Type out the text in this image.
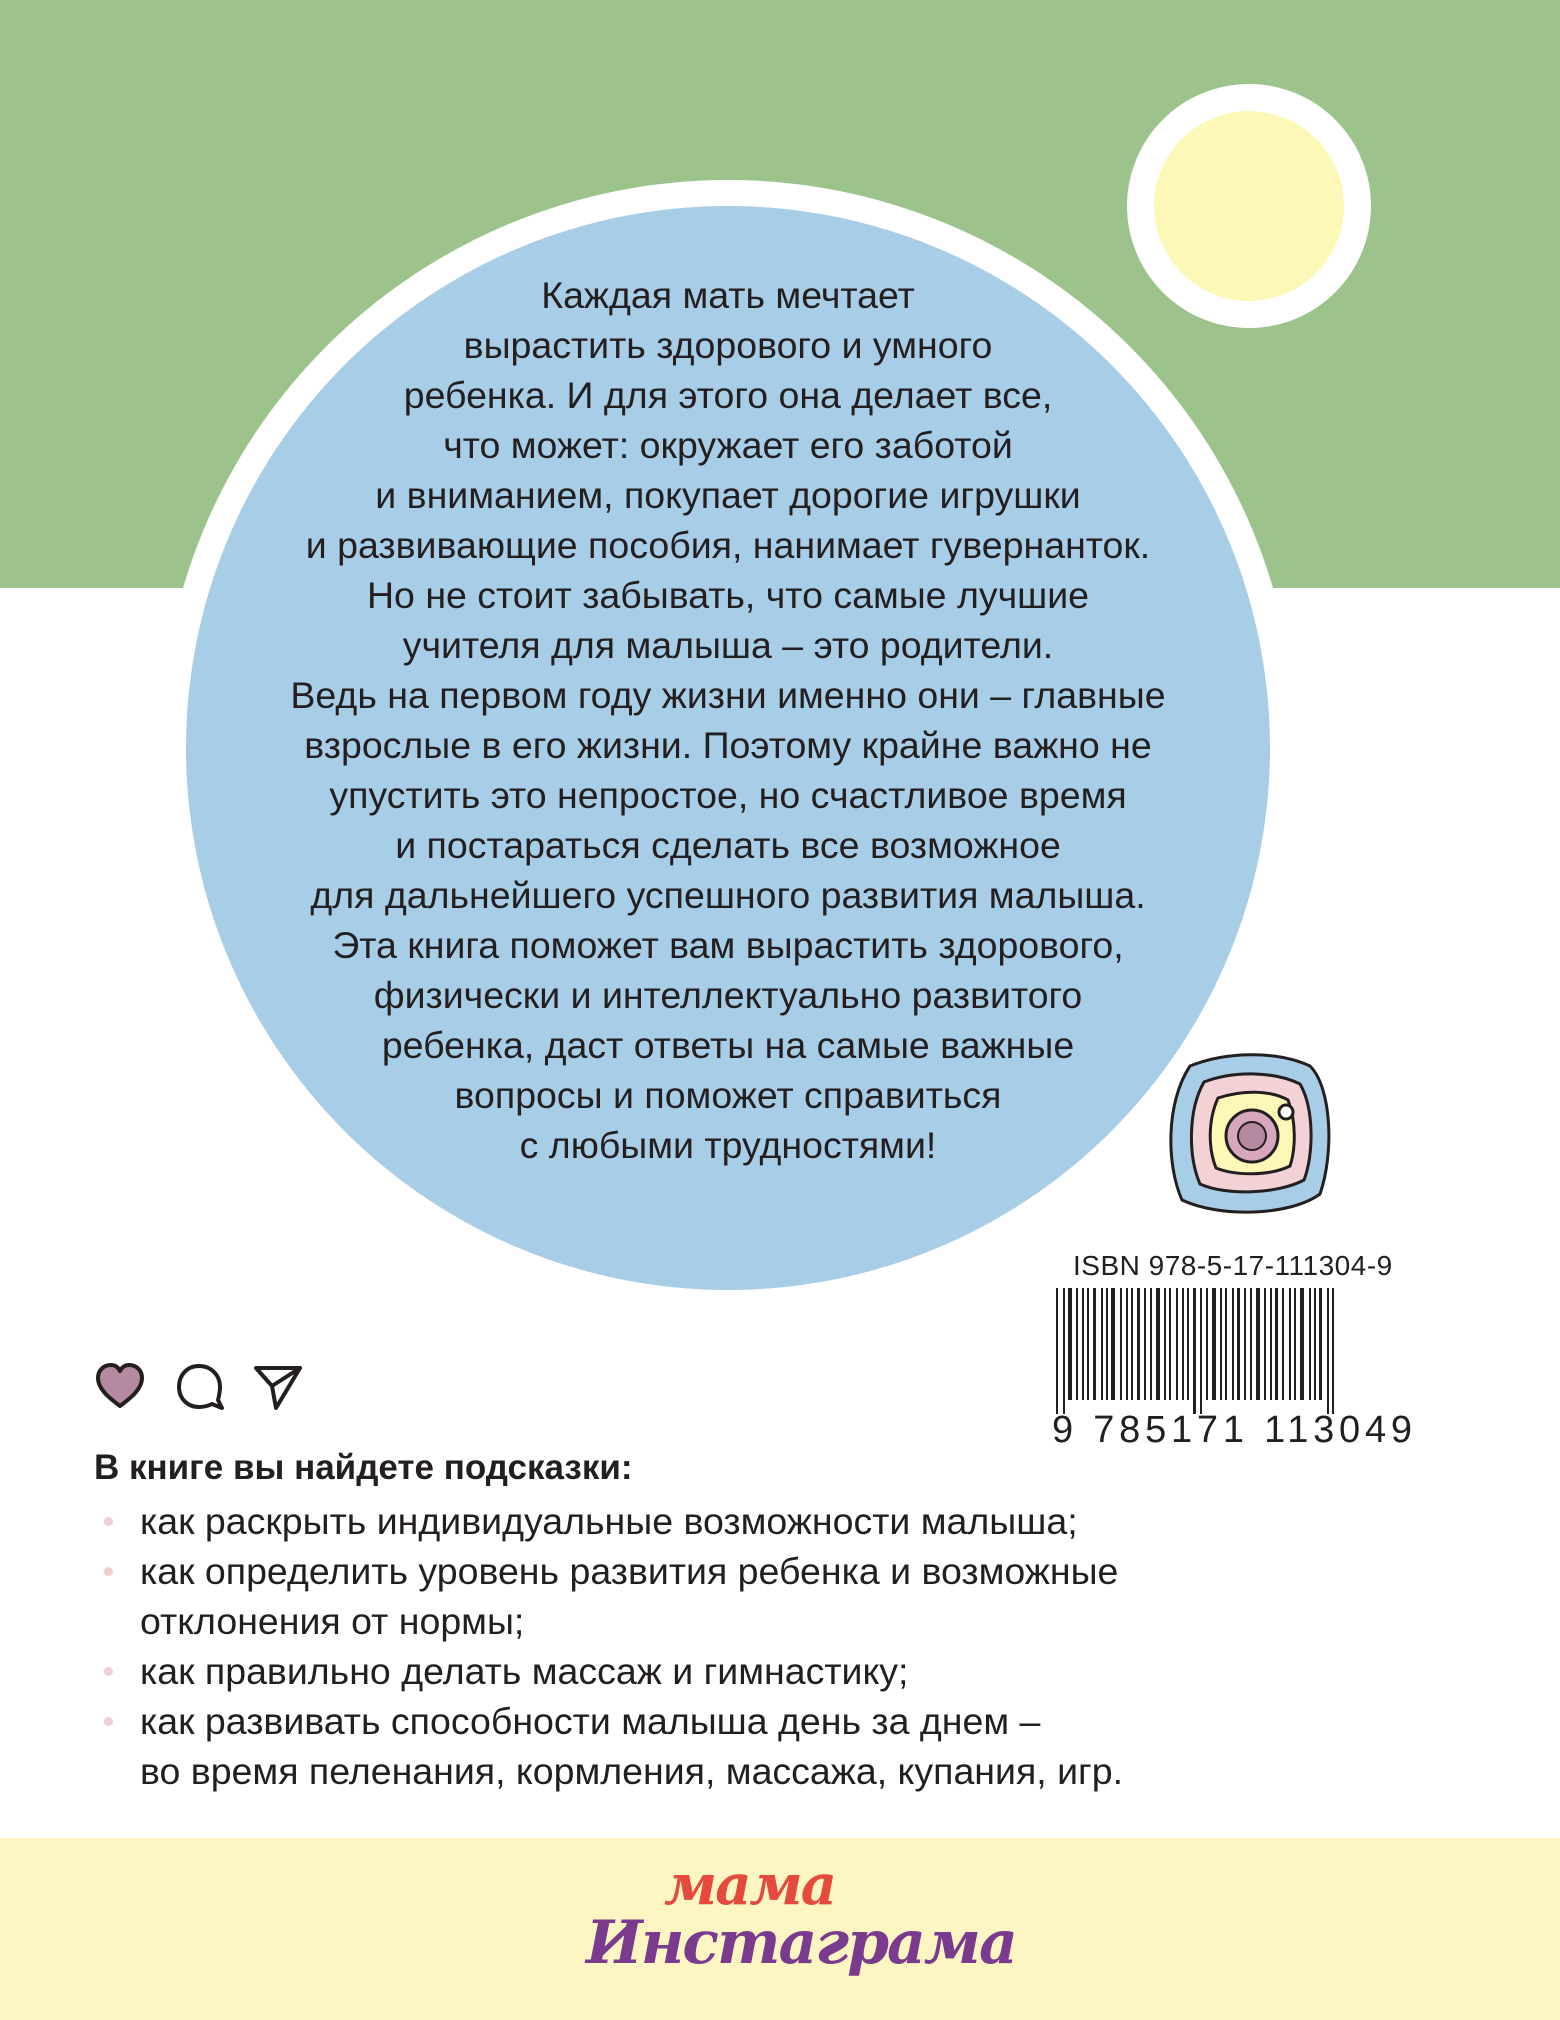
Каждая мать мечтает
вырастить здорового и умного
ребенка. И для этого она делает все,
что может: окружает его заботой
и вниманием, покупает дорогие игрушки
и развивающие пособия, нанимает гувернанток.
Но не стоит забывать, что самые лучшие
учителя для малыша – это родители.
Ведь на первом году жизни именно они – главные
взрослые в его жизни. Поэтому крайне важно не
упустить это непростое, но счастливое время
и постараться сделать все возможное
для дальнейшего успешного развития малыша.
Эта книга поможет вам вырастить здорового,
физически и интеллектуально развитого
ребенка, даст ответы на самые важные
вопросы и поможет справиться
с любыми трудностями!

ISBN 978-5-17-111304-9
9 785171 113049
В книге вы найдете подсказки:
как раскрыть индивидуальные возможности малыша;
как определить уровень развития ребенка и возможные
отклонения от нормы;
как правильно делать массаж и гимнастику;
как развивать способности малыша день за днем –
во время пеленания, кормления, массажа, купания, игр.
мама
Инстаграма
